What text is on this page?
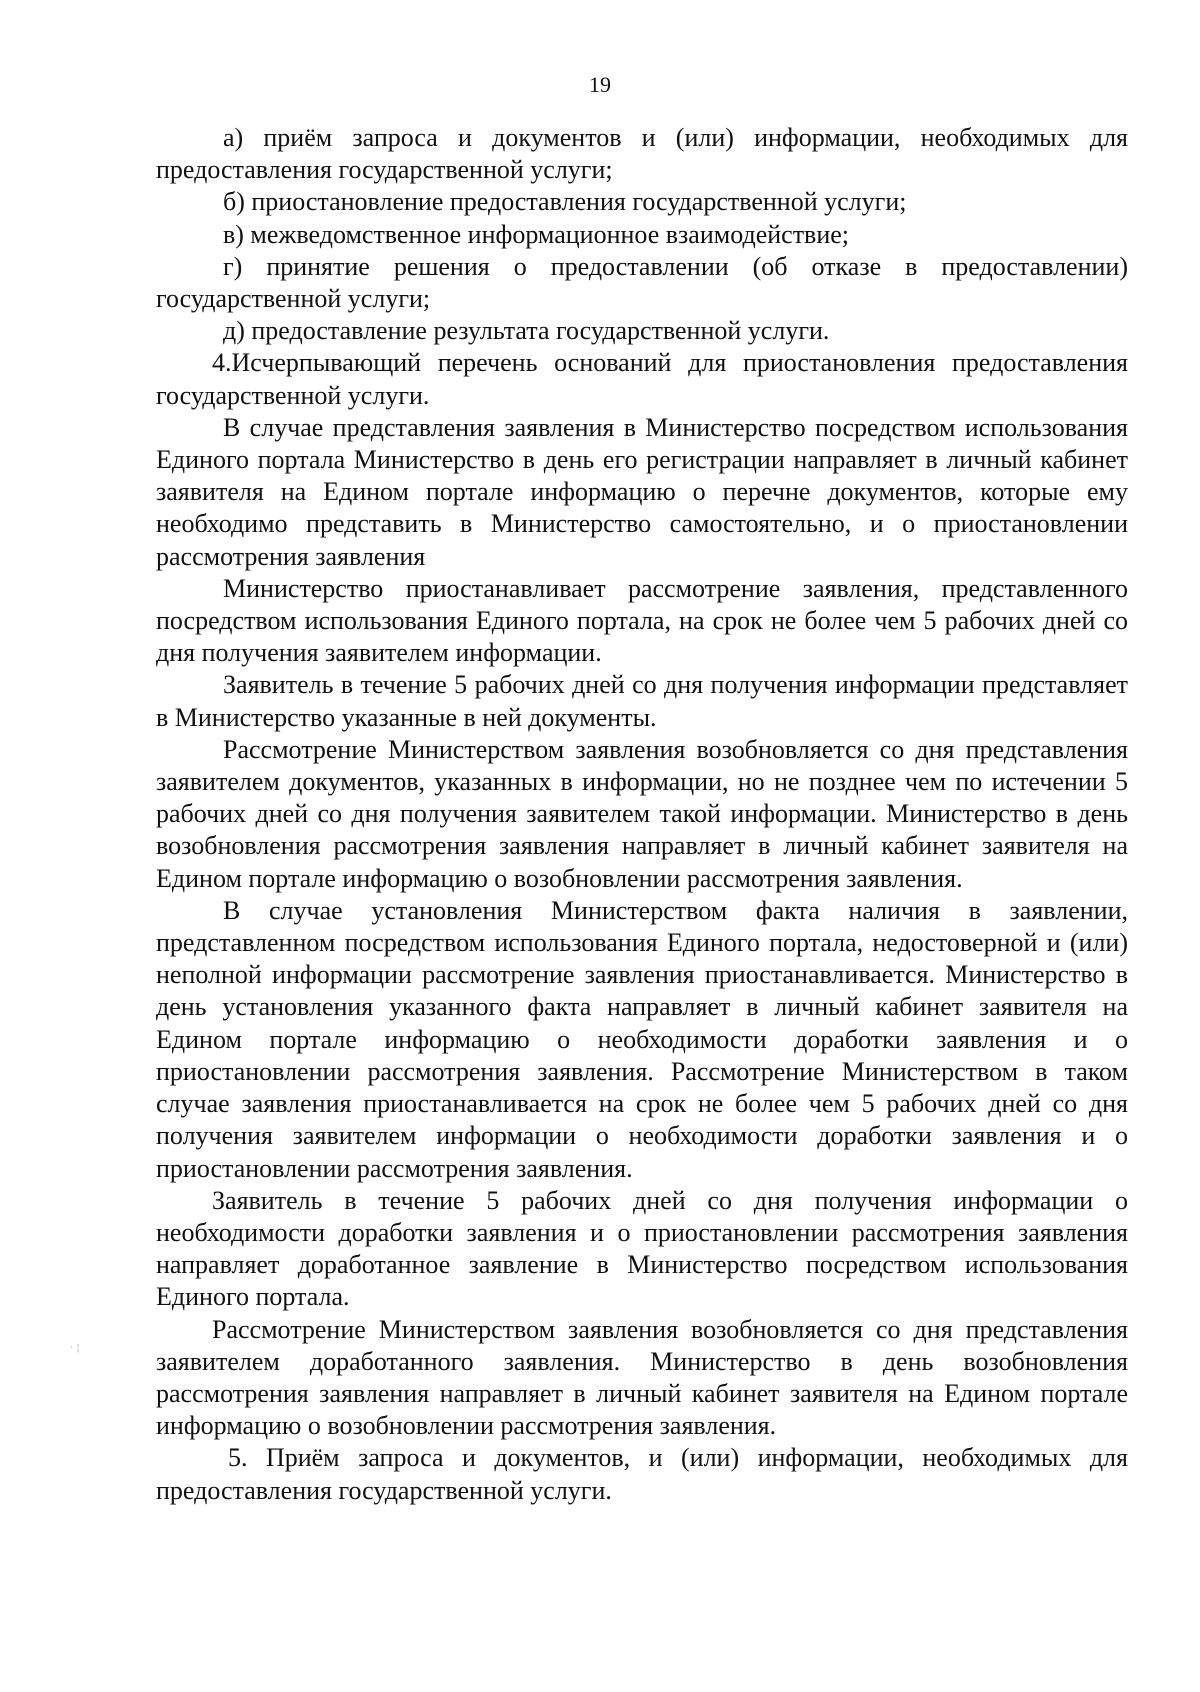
19

а) приём запроса и документов и (или) информации, необходимых для предоставления государственной услуги;

б) приостановление предоставления государственной услуги;

в) межведомственное информационное взаимодействие;

г) принятие решения о предоставлении (об отказе в предоставлении) государственной услуги;

д) предоставление результата государственной услуги.

4.Исчерпывающий перечень оснований для приостановления предоставления государственной услуги.

В случае представления заявления в Министерство посредством использования Единого портала Министерство в день его регистрации направляет в личный кабинет заявителя на Едином портале информацию о перечне документов, которые ему необходимо представить в Министерство самостоятельно, и о приостановлении рассмотрения заявления

Министерство приостанавливает рассмотрение заявления, представленного посредством использования Единого портала, на срок не более чем 5 рабочих дней со дня получения заявителем информации.

Заявитель в течение 5 рабочих дней со дня получения информации представляет в Министерство указанные в ней документы.

Рассмотрение Министерством заявления возобновляется со дня представления заявителем документов, указанных в информации, но не позднее чем по истечении 5 рабочих дней со дня получения заявителем такой информации. Министерство в день возобновления рассмотрения заявления направляет в личный кабинет заявителя на Едином портале информацию о возобновлении рассмотрения заявления.

В случае установления Министерством факта наличия в заявлении, представленном посредством использования Единого портала, недостоверной и (или) неполной информации рассмотрение заявления приостанавливается. Министерство в день установления указанного факта направляет в личный кабинет заявителя на Едином портале информацию о необходимости доработки заявления и о приостановлении рассмотрения заявления. Рассмотрение Министерством в таком случае заявления приостанавливается на срок не более чем 5 рабочих дней со дня получения заявителем информации о необходимости доработки заявления и о приостановлении рассмотрения заявления.

Заявитель в течение 5 рабочих дней со дня получения информации о необходимости доработки заявления и о приостановлении рассмотрения заявления направляет доработанное заявление в Министерство посредством использования Единого портала.

Рассмотрение Министерством заявления возобновляется со дня представления заявителем доработанного заявления. Министерство в день возобновления рассмотрения заявления направляет в личный кабинет заявителя на Едином портале информацию о возобновлении рассмотрения заявления.

5. Приём запроса и документов, и (или) информации, необходимых для предоставления государственной услуги.

· ¦
